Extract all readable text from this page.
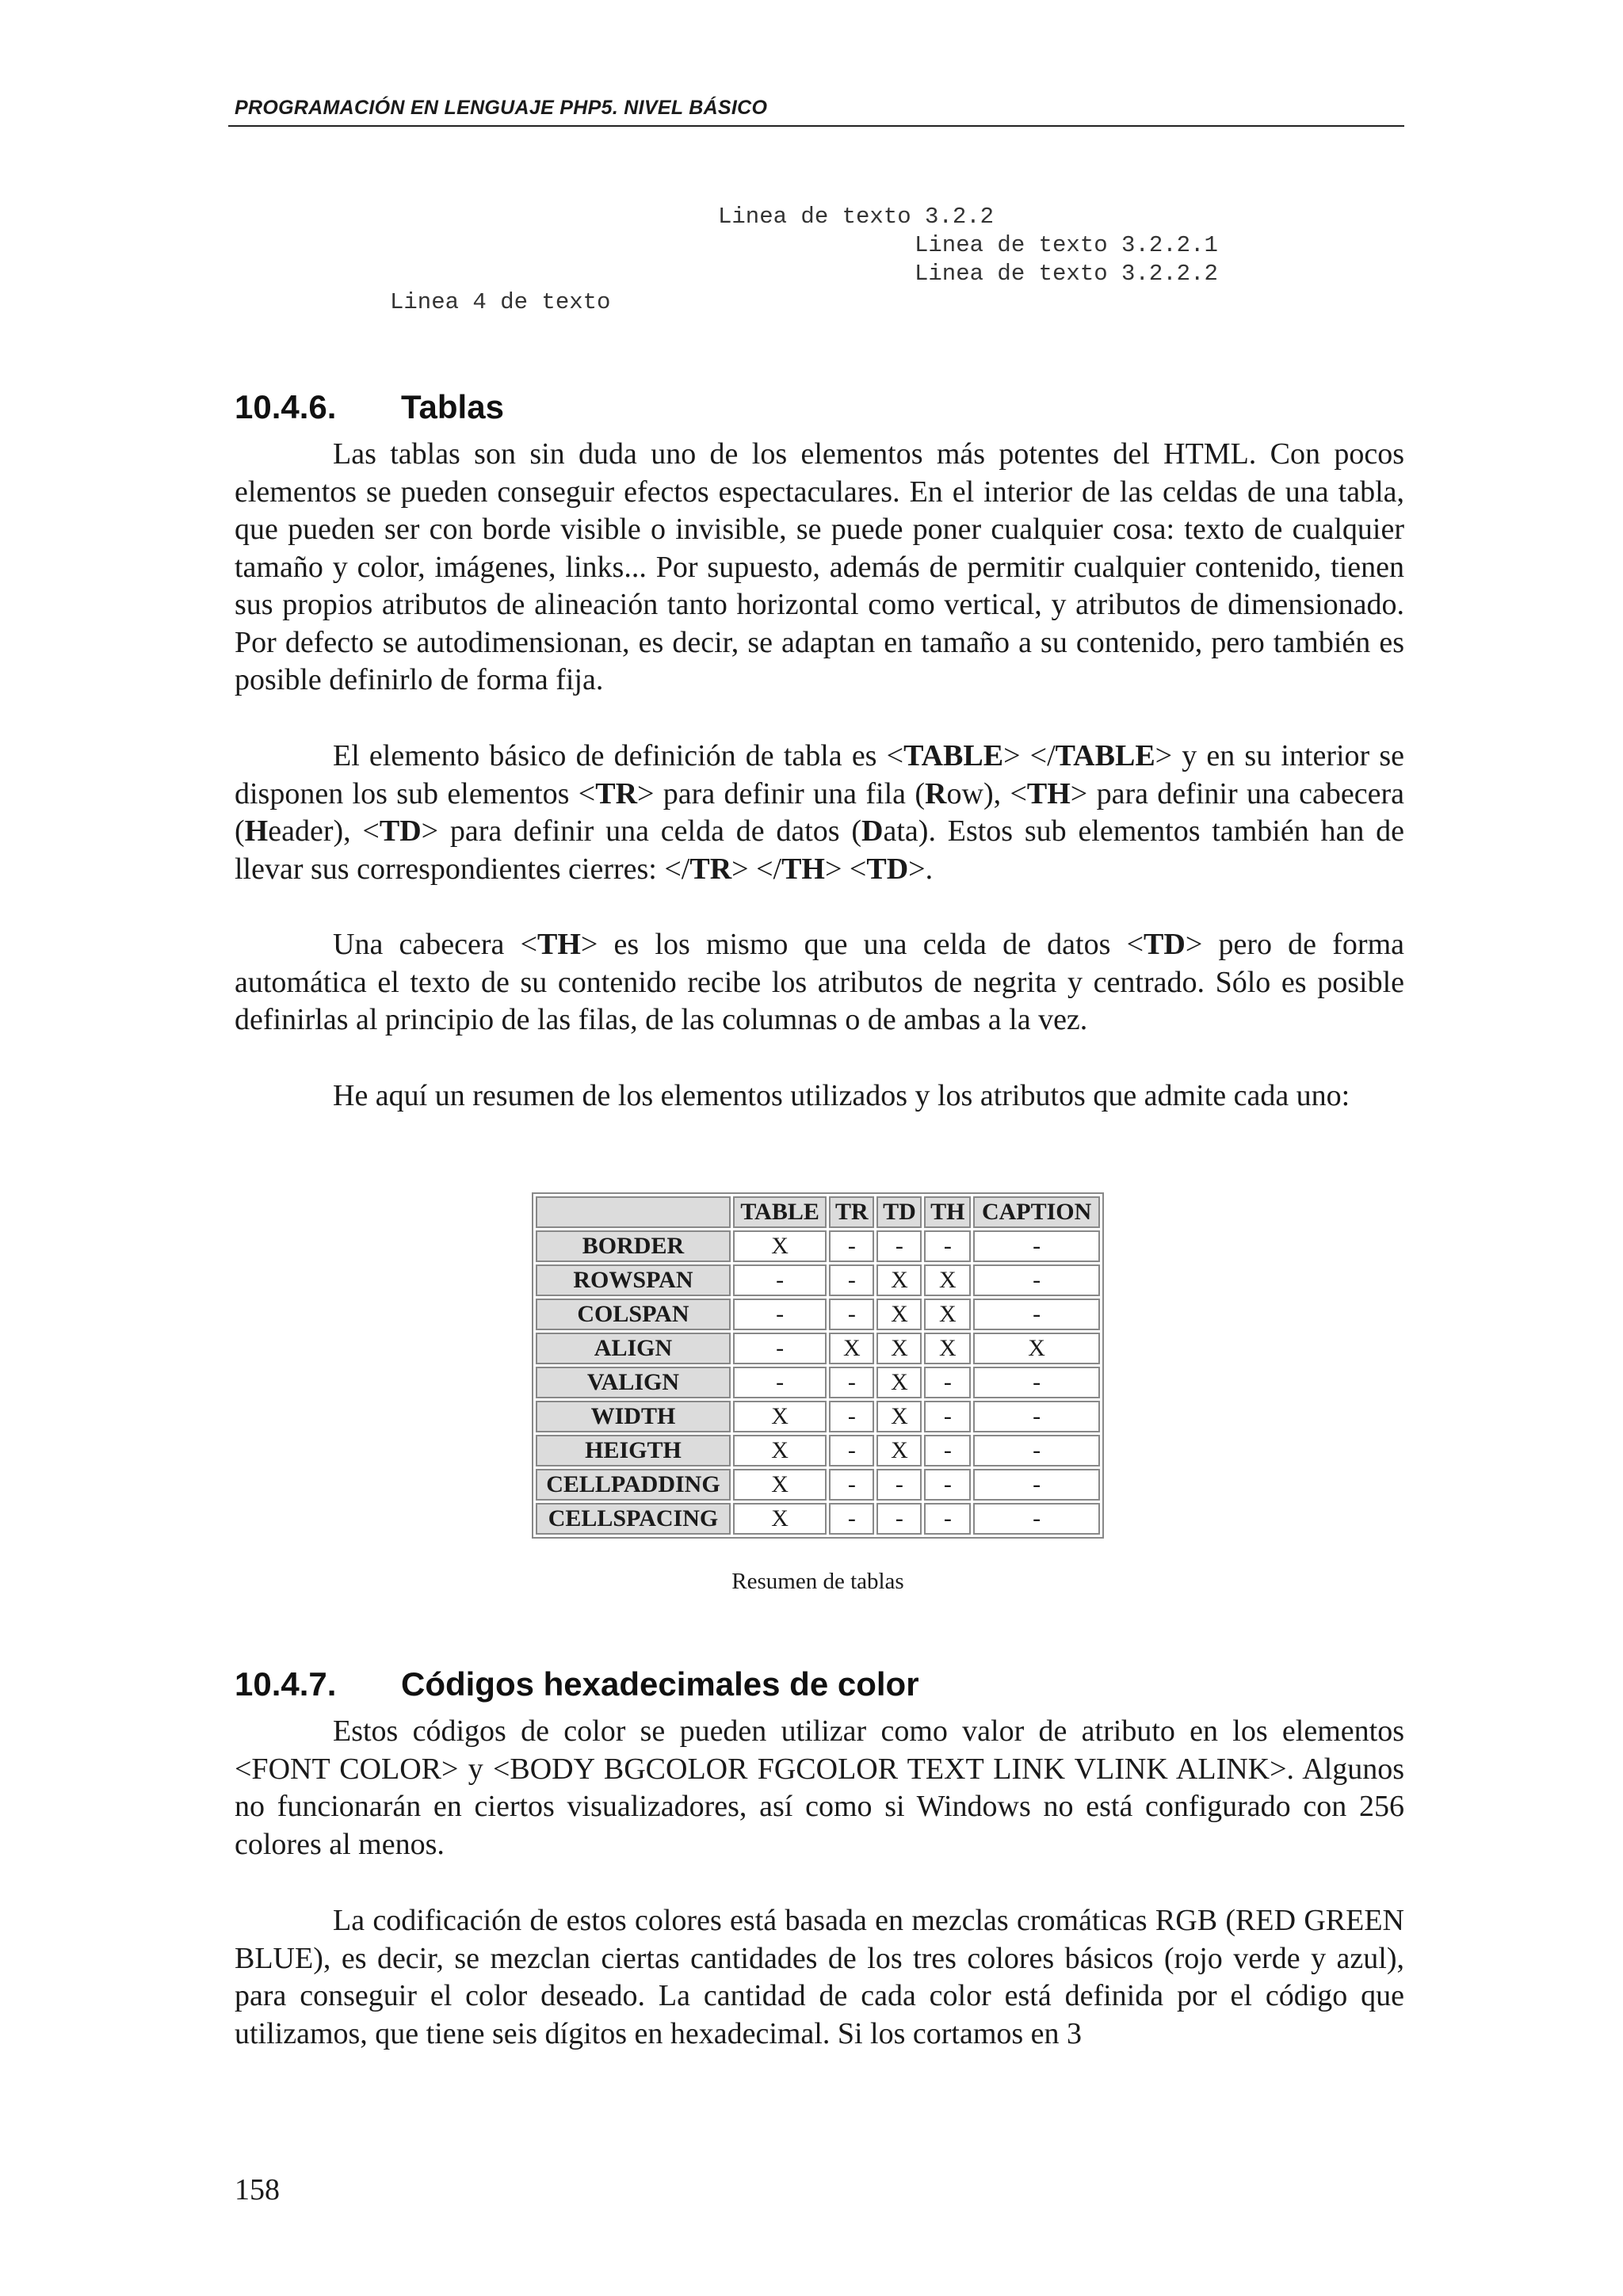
PROGRAMACIÓN EN LENGUAJE PHP5. NIVEL BÁSICO
Linea de texto 3.2.2
Linea de texto 3.2.2.1
Linea de texto 3.2.2.2
Linea 4 de texto
10.4.6. Tablas

Las tablas son sin duda uno de los elementos más potentes del HTML. Con pocos elementos se pueden conseguir efectos espectaculares. En el interior de las celdas de una tabla, que pueden ser con borde visible o invisible, se puede poner cualquier cosa: texto de cualquier tamaño y color, imágenes, links... Por supuesto, además de permitir cualquier contenido, tienen sus propios atributos de alineación tanto horizontal como vertical, y atributos de dimensionado. Por defecto se autodimensionan, es decir, se adaptan en tamaño a su contenido, pero también es posible definirlo de forma fija.

El elemento básico de definición de tabla es <TABLE> </TABLE> y en su interior se disponen los sub elementos <TR> para definir una fila (Row), <TH> para definir una cabecera (Header), <TD> para definir una celda de datos (Data). Estos sub elementos también han de llevar sus correspondientes cierres: </TR> </TH> <TD>.

Una cabecera <TH> es los mismo que una celda de datos <TD> pero de forma automática el texto de su contenido recibe los atributos de negrita y centrado. Sólo es posible definirlas al principio de las filas, de las columnas o de ambas a la vez.

He aquí un resumen de los elementos utilizados y los atributos que admite cada uno:

	TABLE	TR	TD	TH	CAPTION
BORDER	X	-	-	-	-
ROWSPAN	-	-	X	X	-
COLSPAN	-	-	X	X	-
ALIGN	-	X	X	X	X
VALIGN	-	-	X	-	-
WIDTH	X	-	X	-	-
HEIGTH	X	-	X	-	-
CELLPADDING	X	-	-	-	-
CELLSPACING	X	-	-	-	-
Resumen de tablas
10.4.7. Códigos hexadecimales de color

Estos códigos de color se pueden utilizar como valor de atributo en los elementos <FONT COLOR> y <BODY BGCOLOR FGCOLOR TEXT LINK VLINK ALINK>. Algunos no funcionarán en ciertos visualizadores, así como si Windows no está configurado con 256 colores al menos.

La codificación de estos colores está basada en mezclas cromáticas RGB (RED GREEN BLUE), es decir, se mezclan ciertas cantidades de los tres colores básicos (rojo verde y azul), para conseguir el color deseado. La cantidad de cada color está definida por el código que utilizamos, que tiene seis dígitos en hexadecimal. Si los cortamos en 3

158
